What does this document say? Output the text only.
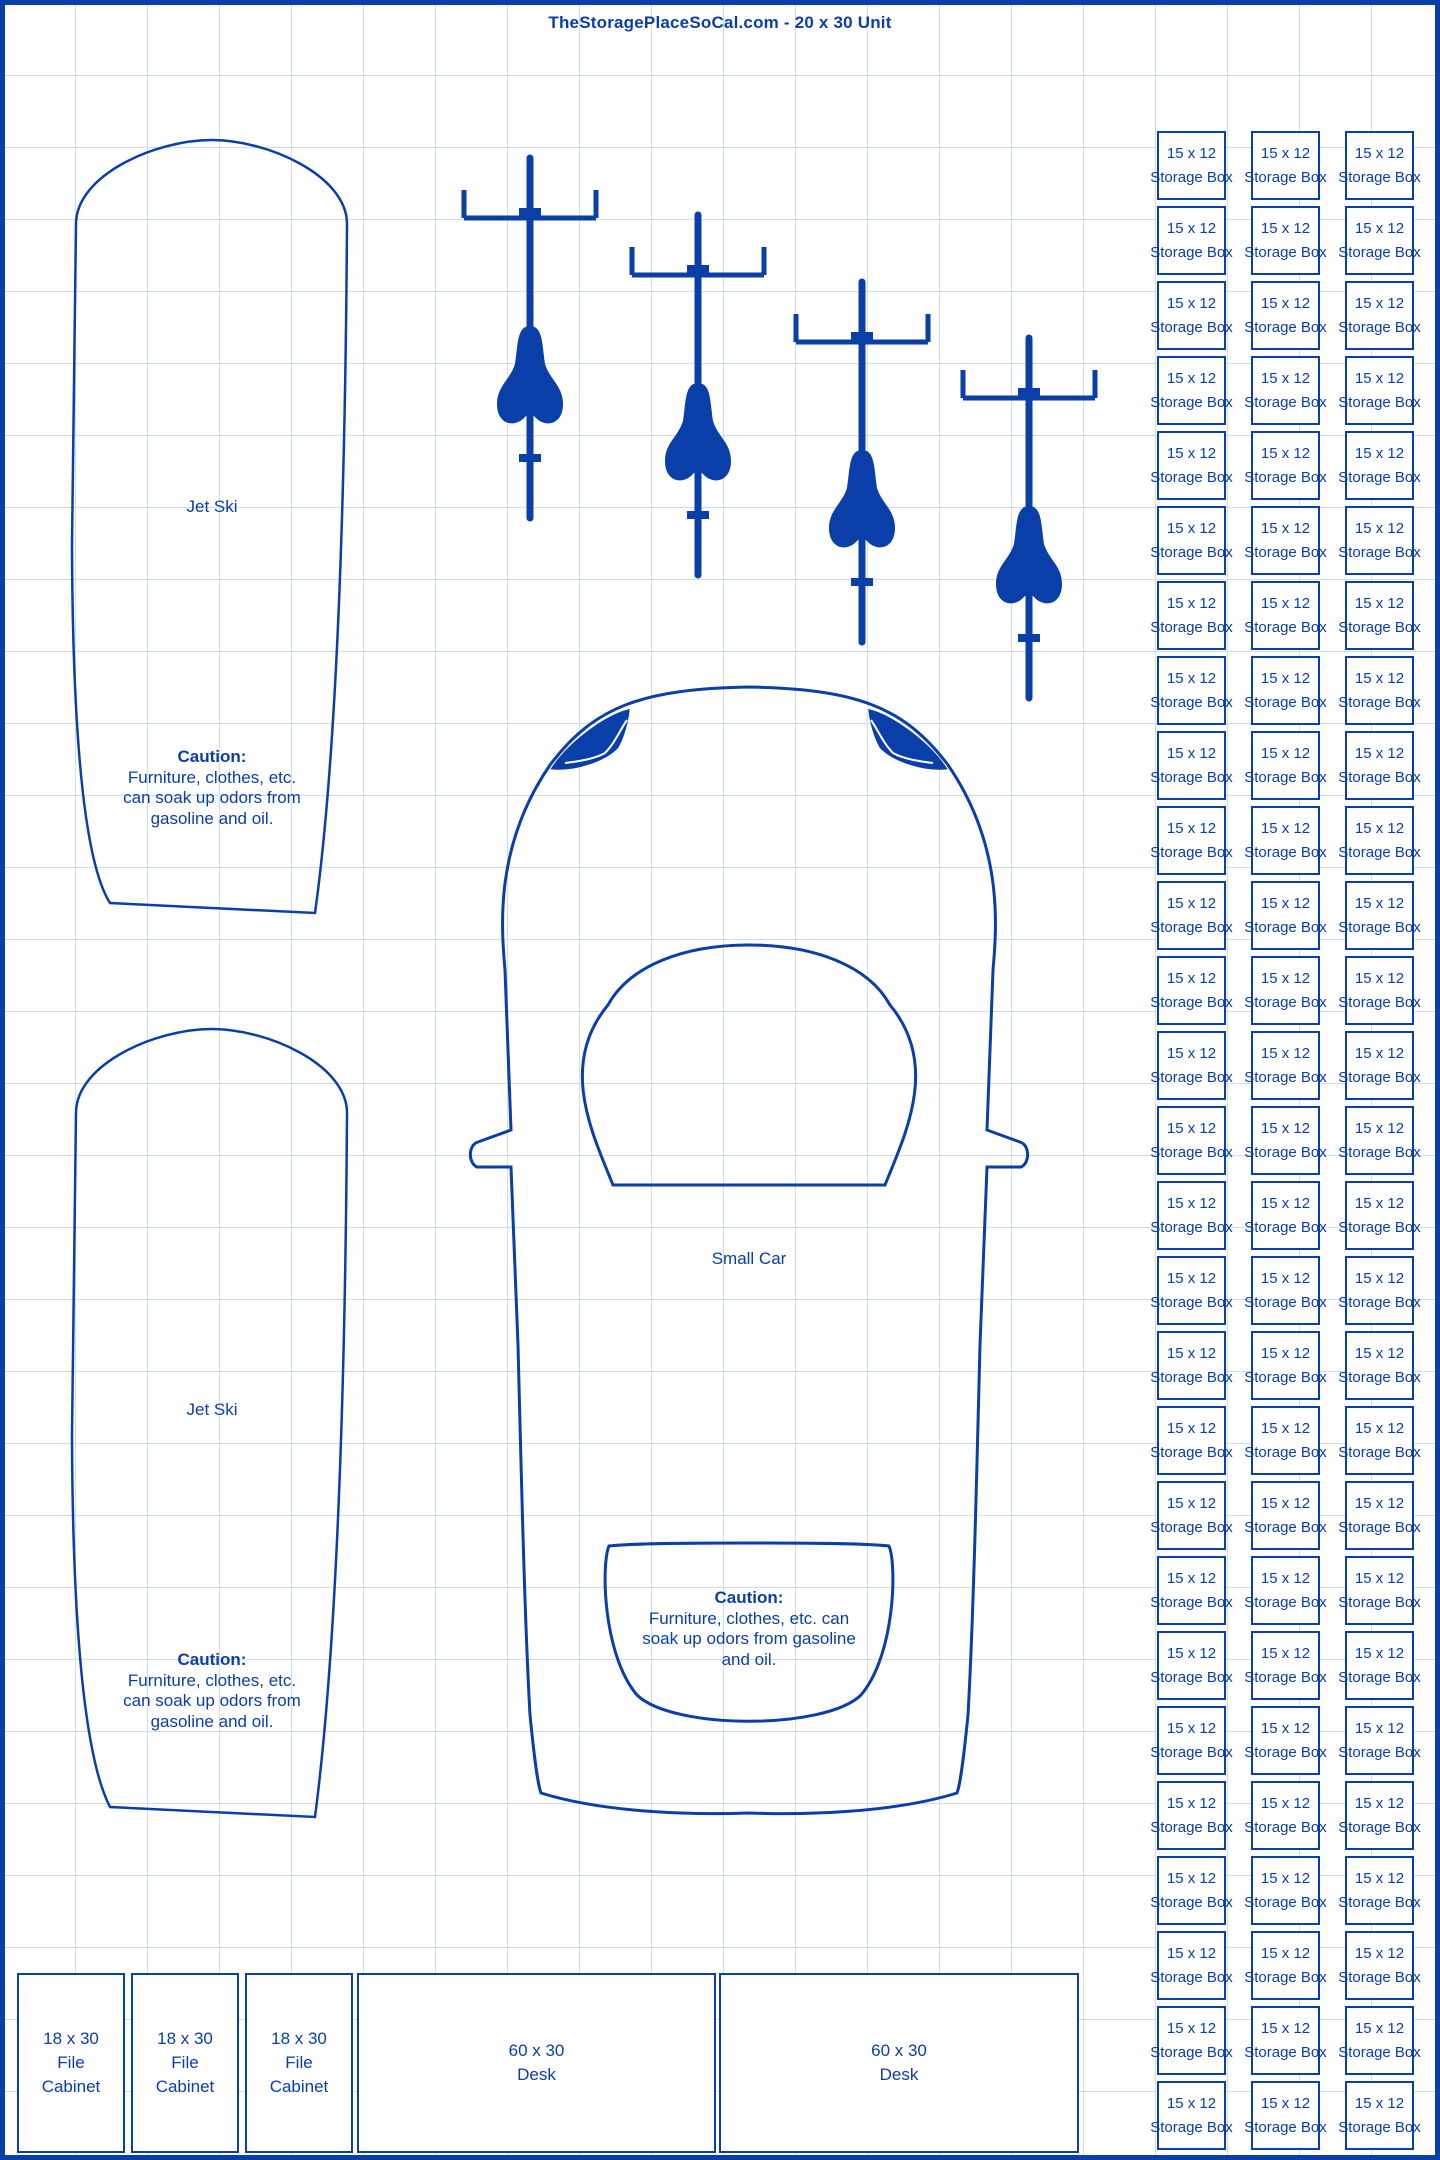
TheStoragePlaceSoCal.com - 20 x 30 Unit
Jet Ski
Caution:
Furniture, clothes, etc. can soak up odors from gasoline and oil.
Jet Ski
Caution:
Furniture, clothes, etc. can soak up odors from gasoline and oil.
Small Car
Caution:
Furniture, clothes, etc. can soak up odors from gasoline and oil.
15 x 12
Storage Box
15 x 12
Storage Box
15 x 12
Storage Box
15 x 12
Storage Box
15 x 12
Storage Box
15 x 12
Storage Box
15 x 12
Storage Box
15 x 12
Storage Box
15 x 12
Storage Box
15 x 12
Storage Box
15 x 12
Storage Box
15 x 12
Storage Box
15 x 12
Storage Box
15 x 12
Storage Box
15 x 12
Storage Box
15 x 12
Storage Box
15 x 12
Storage Box
15 x 12
Storage Box
15 x 12
Storage Box
15 x 12
Storage Box
15 x 12
Storage Box
15 x 12
Storage Box
15 x 12
Storage Box
15 x 12
Storage Box
15 x 12
Storage Box
15 x 12
Storage Box
15 x 12
Storage Box
15 x 12
Storage Box
15 x 12
Storage Box
15 x 12
Storage Box
15 x 12
Storage Box
15 x 12
Storage Box
15 x 12
Storage Box
15 x 12
Storage Box
15 x 12
Storage Box
15 x 12
Storage Box
15 x 12
Storage Box
15 x 12
Storage Box
15 x 12
Storage Box
15 x 12
Storage Box
15 x 12
Storage Box
15 x 12
Storage Box
15 x 12
Storage Box
15 x 12
Storage Box
15 x 12
Storage Box
15 x 12
Storage Box
15 x 12
Storage Box
15 x 12
Storage Box
15 x 12
Storage Box
15 x 12
Storage Box
15 x 12
Storage Box
15 x 12
Storage Box
15 x 12
Storage Box
15 x 12
Storage Box
15 x 12
Storage Box
15 x 12
Storage Box
15 x 12
Storage Box
15 x 12
Storage Box
15 x 12
Storage Box
15 x 12
Storage Box
15 x 12
Storage Box
15 x 12
Storage Box
15 x 12
Storage Box
15 x 12
Storage Box
15 x 12
Storage Box
15 x 12
Storage Box
15 x 12
Storage Box
15 x 12
Storage Box
15 x 12
Storage Box
15 x 12
Storage Box
15 x 12
Storage Box
15 x 12
Storage Box
15 x 12
Storage Box
15 x 12
Storage Box
15 x 12
Storage Box
15 x 12
Storage Box
15 x 12
Storage Box
15 x 12
Storage Box
15 x 12
Storage Box
15 x 12
Storage Box
15 x 12
Storage Box
18 x 30
File
Cabinet
18 x 30
File
Cabinet
18 x 30
File
Cabinet
60 x 30
Desk
60 x 30
Desk
